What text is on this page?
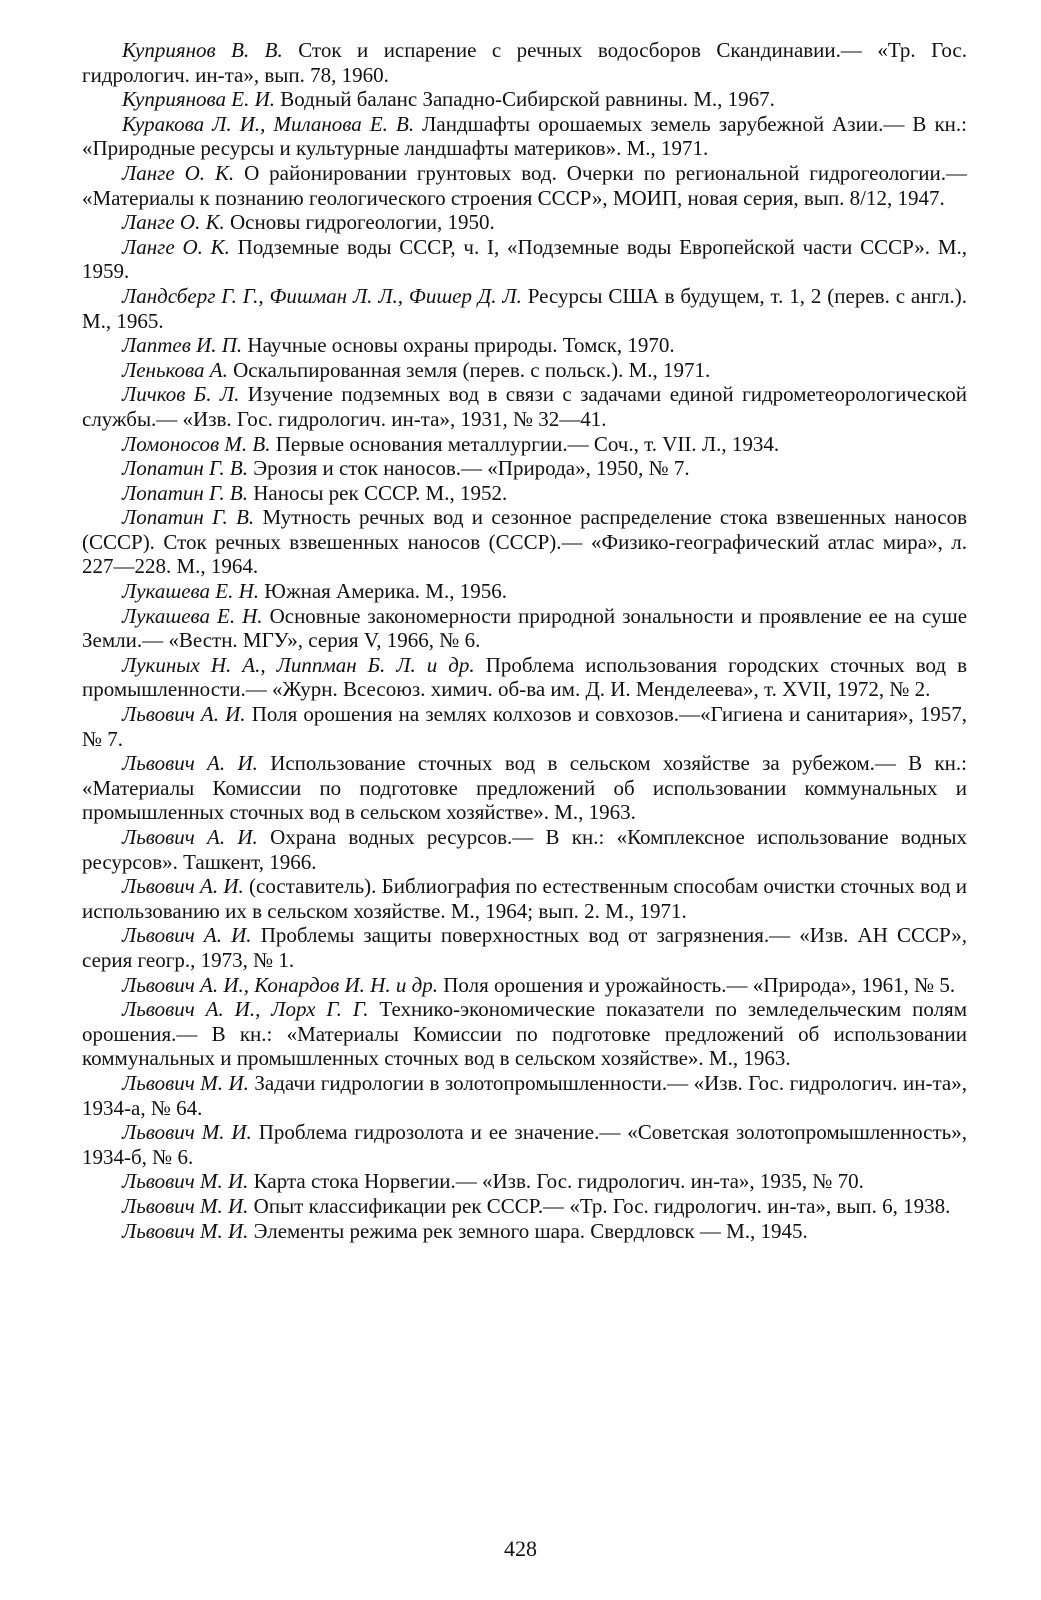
Куприянов В. В. Сток и испарение с речных водосборов Скандинавии.— «Тр. Гос. гидрологич. ин-та», вып. 78, 1960.

Куприянова Е. И. Водный баланс Западно-Сибирской равнины. М., 1967.

Куракова Л. И., Миланова Е. В. Ландшафты орошаемых земель зарубежной Азии.— В кн.: «Природные ресурсы и культурные ландшафты материков». М., 1971.

Ланге О. К. О районировании грунтовых вод. Очерки по региональной гидрогеологии.— «Материалы к познанию геологического строения СССР», МОИП, новая серия, вып. 8/12, 1947.

Ланге О. К. Основы гидрогеологии, 1950.

Ланге О. К. Подземные воды СССР, ч. I, «Подземные воды Европейской части СССР». М., 1959.

Ландсберг Г. Г., Фишман Л. Л., Фишер Д. Л. Ресурсы США в будущем, т. 1, 2 (перев. с англ.). М., 1965.

Лаптев И. П. Научные основы охраны природы. Томск, 1970.

Ленькова А. Оскальпированная земля (перев. с польск.). М., 1971.

Личков Б. Л. Изучение подземных вод в связи с задачами единой гидрометеорологической службы.— «Изв. Гос. гидрологич. ин-та», 1931, № 32—41.

Ломоносов М. В. Первые основания металлургии.— Соч., т. VII. Л., 1934.

Лопатин Г. В. Эрозия и сток наносов.— «Природа», 1950, № 7.

Лопатин Г. В. Наносы рек СССР. М., 1952.

Лопатин Г. В. Мутность речных вод и сезонное распределение стока взвешенных наносов (СССР). Сток речных взвешенных наносов (СССР).— «Физико-географический атлас мира», л. 227—228. М., 1964.

Лукашева Е. Н. Южная Америка. М., 1956.

Лукашева Е. Н. Основные закономерности природной зональности и проявление ее на суше Земли.— «Вестн. МГУ», серия V, 1966, № 6.

Лукиных Н. А., Липпман Б. Л. и др. Проблема использования городских сточных вод в промышленности.— «Журн. Всесоюз. химич. об-ва им. Д. И. Менделеева», т. XVII, 1972, № 2.

Львович А. И. Поля орошения на землях колхозов и совхозов.—«Гигиена и санитария», 1957, № 7.

Львович А. И. Использование сточных вод в сельском хозяйстве за рубежом.— В кн.: «Материалы Комиссии по подготовке предложений об использовании коммунальных и промышленных сточных вод в сельском хозяйстве». М., 1963.

Львович А. И. Охрана водных ресурсов.— В кн.: «Комплексное использование водных ресурсов». Ташкент, 1966.

Львович А. И. (составитель). Библиография по естественным способам очистки сточных вод и использованию их в сельском хозяйстве. М., 1964; вып. 2. М., 1971.

Львович А. И. Проблемы защиты поверхностных вод от загрязнения.— «Изв. АН СССР», серия геогр., 1973, № 1.

Львович А. И., Конардов И. Н. и др. Поля орошения и урожайность.— «Природа», 1961, № 5.

Львович А. И., Лорх Г. Г. Технико-экономические показатели по земледельческим полям орошения.— В кн.: «Материалы Комиссии по подготовке предложений об использовании коммунальных и промышленных сточных вод в сельском хозяйстве». М., 1963.

Львович М. И. Задачи гидрологии в золотопромышленности.— «Изв. Гос. гидрологич. ин-та», 1934-а, № 64.

Львович М. И. Проблема гидрозолота и ее значение.— «Советская золотопромышленность», 1934-б, № 6.

Львович М. И. Карта стока Норвегии.— «Изв. Гос. гидрологич. ин-та», 1935, № 70.

Львович М. И. Опыт классификации рек СССР.— «Тр. Гос. гидрологич. ин-та», вып. 6, 1938.

Львович М. И. Элементы режима рек земного шара. Свердловск — М., 1945.

428
